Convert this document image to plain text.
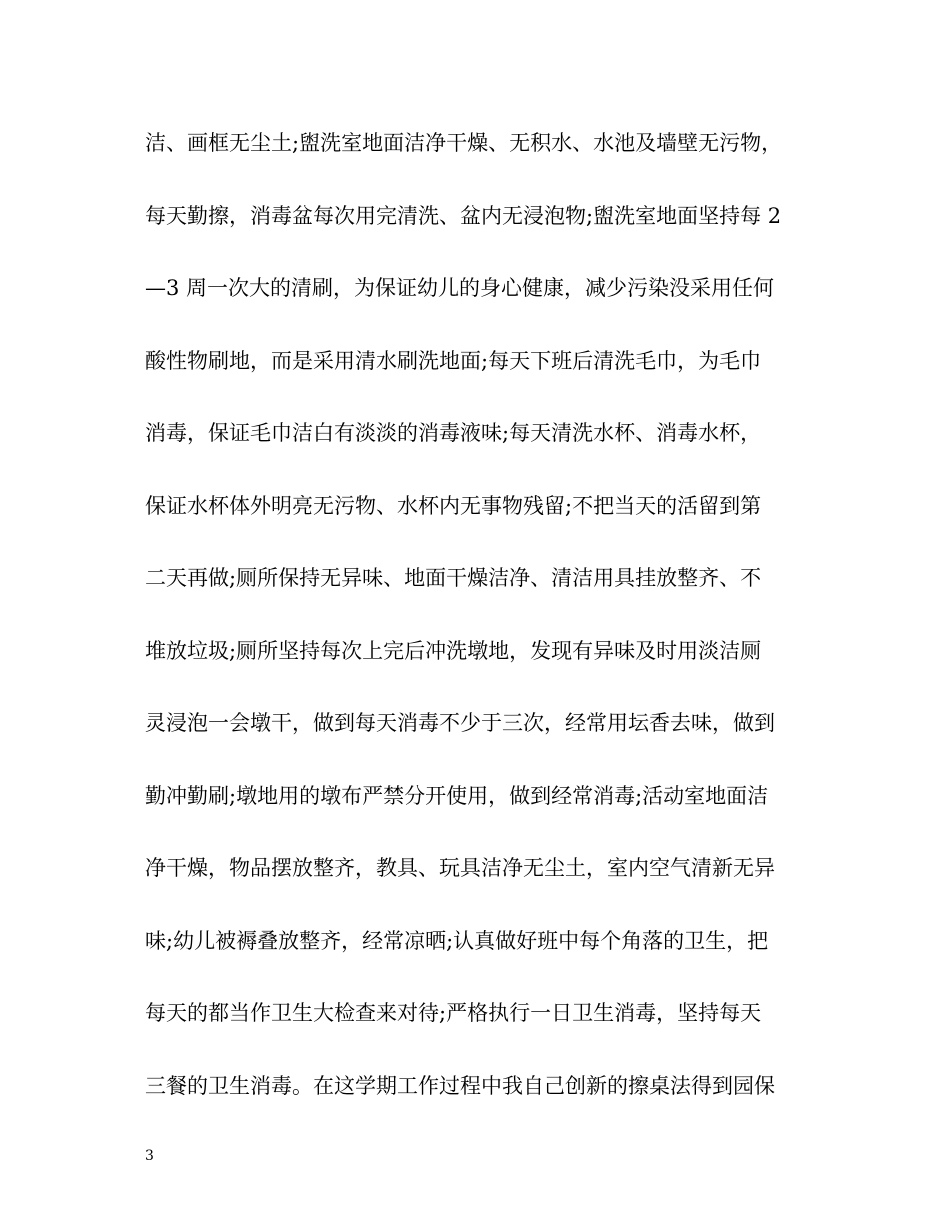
洁、画框无尘土;盥洗室地面洁净干燥、无积水、水池及墙壁无污物，
每天勤擦，消毒盆每次用完清洗、盆内无浸泡物;盥洗室地面坚持每 2
—3 周一次大的清刷，为保证幼儿的身心健康，减少污染没采用任何
酸性物刷地，而是采用清水刷洗地面;每天下班后清洗毛巾，为毛巾
消毒，保证毛巾洁白有淡淡的消毒液味;每天清洗水杯、消毒水杯，
保证水杯体外明亮无污物、水杯内无事物残留;不把当天的活留到第
二天再做;厕所保持无异味、地面干燥洁净、清洁用具挂放整齐、不
堆放垃圾;厕所坚持每次上完后冲洗墩地，发现有异味及时用淡洁厕
灵浸泡一会墩干，做到每天消毒不少于三次，经常用坛香去味，做到
勤冲勤刷;墩地用的墩布严禁分开使用，做到经常消毒;活动室地面洁
净干燥，物品摆放整齐，教具、玩具洁净无尘土，室内空气清新无异
味;幼儿被褥叠放整齐，经常凉晒;认真做好班中每个角落的卫生，把
每天的都当作卫生大检查来对待;严格执行一日卫生消毒，坚持每天
三餐的卫生消毒。在这学期工作过程中我自己创新的擦桌法得到园保
3
